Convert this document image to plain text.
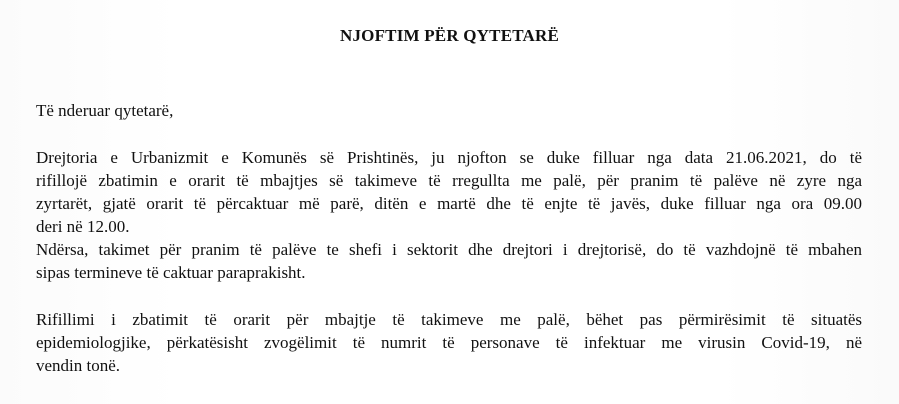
NJOFTIM PËR QYTETARË
Të nderuar qytetarë,
Drejtoria e Urbanizmit e Komunës së Prishtinës, ju njofton se duke filluar nga data 21.06.2021, do të
rifillojë zbatimin e orarit të mbajtjes së takimeve të rregullta me palë, për pranim të palëve në zyre nga
zyrtarët, gjatë orarit të përcaktuar më parë, ditën e martë dhe të enjte të javës, duke filluar nga ora 09.00
deri në 12.00.
Ndërsa, takimet për pranim të palëve te shefi i sektorit dhe drejtori i drejtorisë, do të vazhdojnë të mbahen
sipas termineve të caktuar paraprakisht.
Rifillimi i zbatimit të orarit për mbajtje të takimeve me palë, bëhet pas përmirësimit të situatës
epidemiologjike, përkatësisht zvogëlimit të numrit të personave të infektuar me virusin Covid-19, në
vendin tonë.
